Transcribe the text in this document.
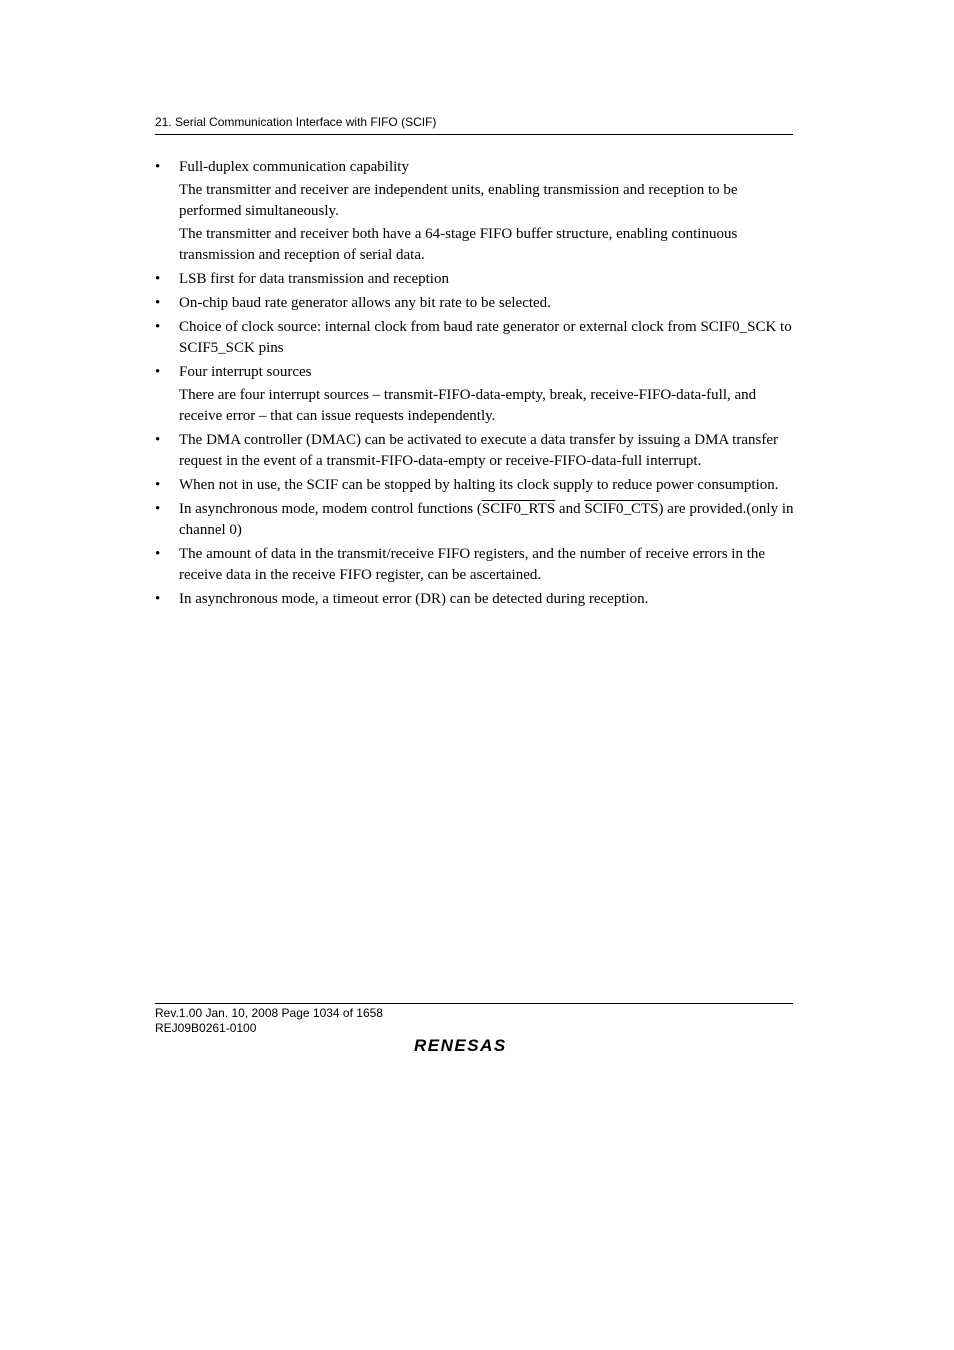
21. Serial Communication Interface with FIFO (SCIF)
• Full-duplex communication capability

The transmitter and receiver are independent units, enabling transmission and reception to be performed simultaneously.

The transmitter and receiver both have a 64-stage FIFO buffer structure, enabling continuous transmission and reception of serial data.

• LSB first for data transmission and reception

• On-chip baud rate generator allows any bit rate to be selected.

• Choice of clock source: internal clock from baud rate generator or external clock from SCIF0_SCK to SCIF5_SCK pins

• Four interrupt sources

There are four interrupt sources – transmit-FIFO-data-empty, break, receive-FIFO-data-full, and receive error – that can issue requests independently.

• The DMA controller (DMAC) can be activated to execute a data transfer by issuing a DMA transfer request in the event of a transmit-FIFO-data-empty or receive-FIFO-data-full interrupt.

• When not in use, the SCIF can be stopped by halting its clock supply to reduce power consumption.

• In asynchronous mode, modem control functions (SCIF0_RTS and SCIF0_CTS) are provided.(only in channel 0)

• The amount of data in the transmit/receive FIFO registers, and the number of receive errors in the receive data in the receive FIFO register, can be ascertained.

• In asynchronous mode, a timeout error (DR) can be detected during reception.

Rev.1.00 Jan. 10, 2008 Page 1034 of 1658
REJ09B0261-0100
RENESAS
